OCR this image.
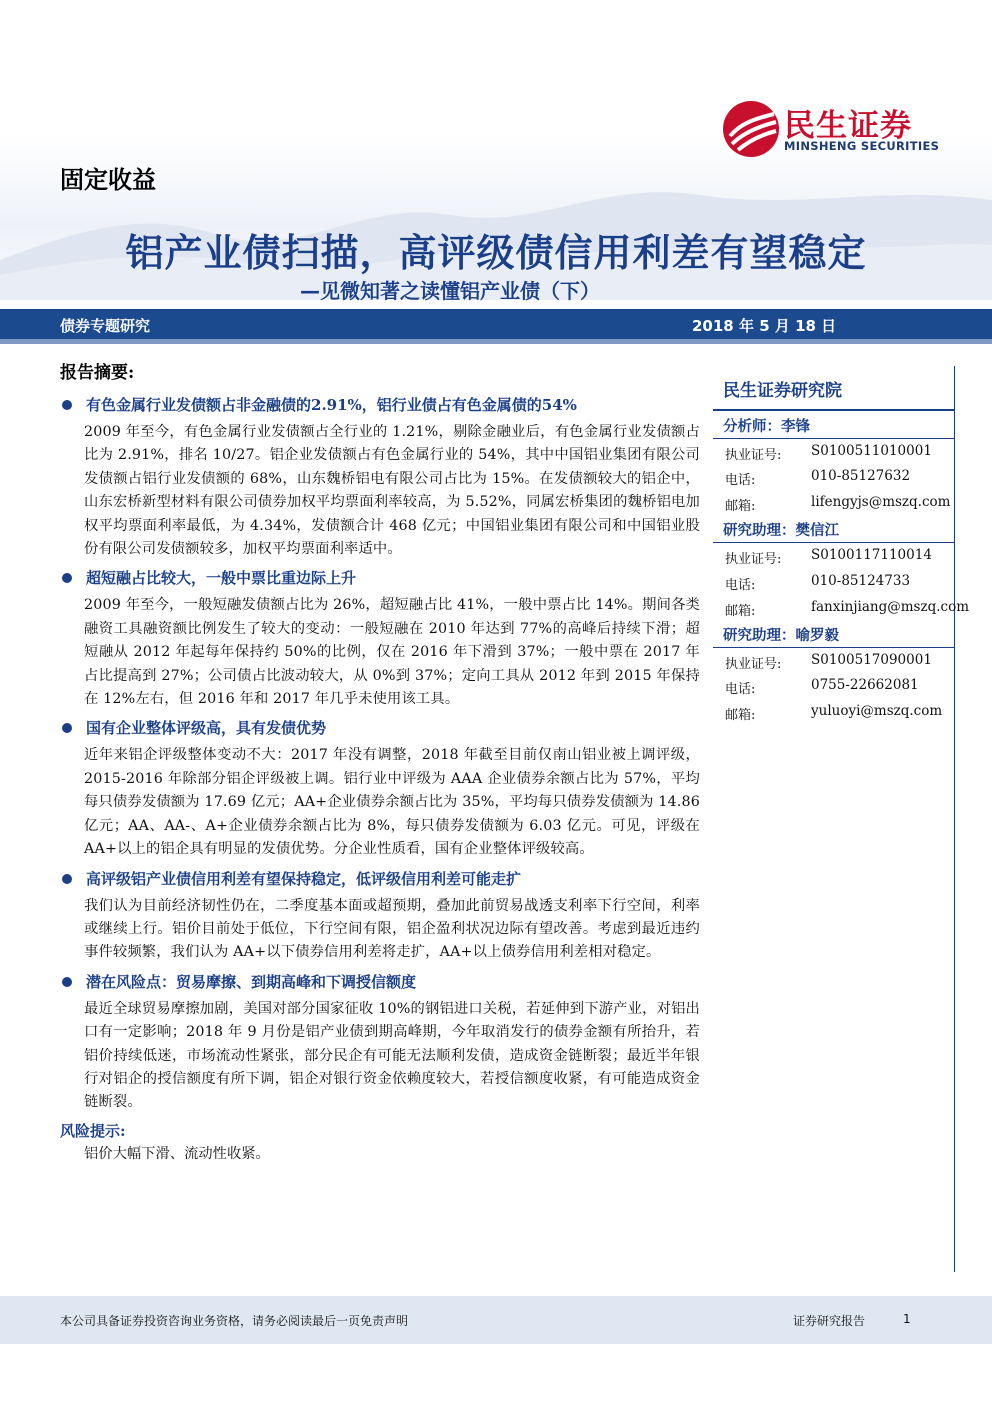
民生证券
MINSHENG SECURITIES
固定收益
铝产业债扫描，高评级债信用利差有望稳定
—见微知著之读懂铝产业债（下）
债券专题研究	2018 年 5 月 18 日
报告摘要:
有色金属行业发债额占非金融债的2.91%，铝行业债占有色金属债的54%
2009 年至今，有色金属行业发债额占全行业的 1.21%，剔除金融业后，有色金属行业发债额占比为 2.91%，排名 10/27。铝企业发债额占有色金属行业的 54%，其中中国铝业集团有限公司发债额占铝行业发债额的 68%，山东魏桥铝电有限公司占比为 15%。在发债额较大的铝企中，山东宏桥新型材料有限公司债券加权平均票面利率较高，为 5.52%，同属宏桥集团的魏桥铝电加权平均票面利率最低，为 4.34%，发债额合计 468 亿元；中国铝业集团有限公司和中国铝业股份有限公司发债额较多，加权平均票面利率适中。
超短融占比较大，一般中票比重边际上升
2009 年至今，一般短融发债额占比为 26%，超短融占比 41%，一般中票占比 14%。期间各类融资工具融资额比例发生了较大的变动：一般短融在 2010 年达到 77%的高峰后持续下滑；超短融从 2012 年起每年保持约 50%的比例，仅在 2016 年下滑到 37%；一般中票在 2017 年占比提高到 27%；公司债占比波动较大，从 0%到 37%；定向工具从 2012 年到 2015 年保持在 12%左右，但 2016 年和 2017 年几乎未使用该工具。
国有企业整体评级高，具有发债优势
近年来铝企评级整体变动不大：2017 年没有调整，2018 年截至目前仅南山铝业被上调评级，2015-2016 年除部分铝企评级被上调。铝行业中评级为 AAA 企业债券余额占比为 57%，平均每只债券发债额为 17.69 亿元；AA+企业债券余额占比为 35%，平均每只债券发债额为 14.86 亿元；AA、AA-、A+企业债券余额占比为 8%，每只债券发债额为 6.03 亿元。可见，评级在 AA+以上的铝企具有明显的发债优势。分企业性质看，国有企业整体评级较高。
高评级铝产业债信用利差有望保持稳定，低评级信用利差可能走扩
我们认为目前经济韧性仍在，二季度基本面或超预期，叠加此前贸易战透支利率下行空间，利率或继续上行。铝价目前处于低位，下行空间有限，铝企盈利状况边际有望改善。考虑到最近违约事件较频繁，我们认为 AA+以下债券信用利差将走扩，AA+以上债券信用利差相对稳定。
潜在风险点：贸易摩擦、到期高峰和下调授信额度
最近全球贸易摩擦加剧，美国对部分国家征收 10%的钢铝进口关税，若延伸到下游产业，对铝出口有一定影响；2018 年 9 月份是铝产业债到期高峰期，今年取消发行的债券金额有所抬升，若铝价持续低迷，市场流动性紧张，部分民企有可能无法顺利发债，造成资金链断裂；最近半年银行对铝企的授信额度有所下调，铝企对银行资金依赖度较大，若授信额度收紧，有可能造成资金链断裂。
风险提示:
铝价大幅下滑、流动性收紧。
民生证券研究院
分析师：李锋
执业证号: S0100511010001
电话:	010-85127632
邮箱:	lifengyjs@mszq.com
研究助理：樊信江
执业证号: S0100117110014
电话:	010-85124733
邮箱:	fanxinjiang@mszq.com
研究助理：喻罗毅
执业证号: S0100517090001
电话:	0755-22662081
邮箱:	yuluoyi@mszq.com
本公司具备证券投资咨询业务资格，请务必阅读最后一页免责声明	证券研究报告	1
